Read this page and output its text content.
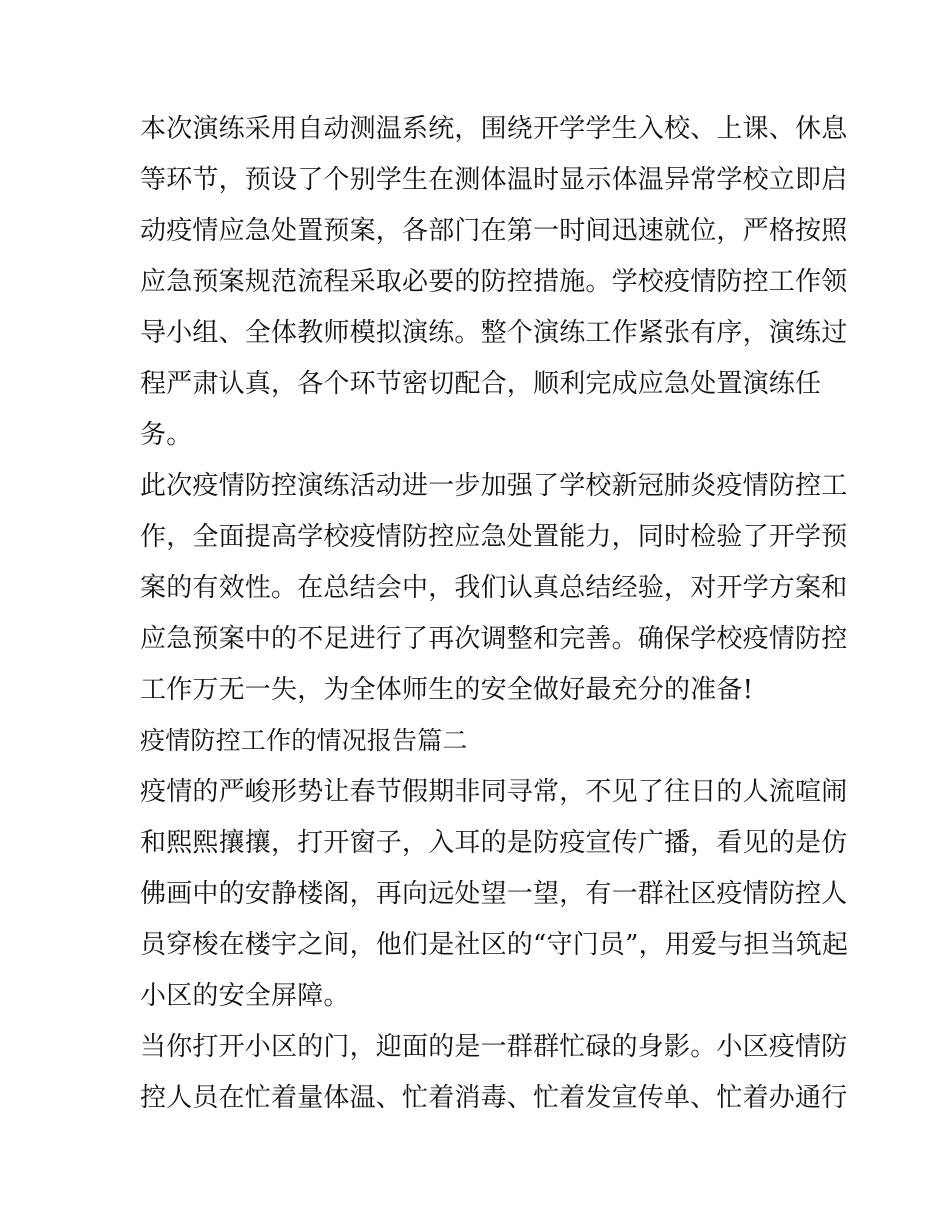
本次演练采用自动测温系统，围绕开学学生入校、上课、休息

等环节，预设了个别学生在测体温时显示体温异常学校立即启

动疫情应急处置预案，各部门在第一时间迅速就位，严格按照

应急预案规范流程采取必要的防控措施。学校疫情防控工作领

导小组、全体教师模拟演练。整个演练工作紧张有序，演练过

程严肃认真，各个环节密切配合，顺利完成应急处置演练任

务。

此次疫情防控演练活动进一步加强了学校新冠肺炎疫情防控工

作，全面提高学校疫情防控应急处置能力，同时检验了开学预

案的有效性。在总结会中，我们认真总结经验，对开学方案和

应急预案中的不足进行了再次调整和完善。确保学校疫情防控

工作万无一失，为全体师生的安全做好最充分的准备!

疫情防控工作的情况报告篇二

疫情的严峻形势让春节假期非同寻常，不见了往日的人流喧闹

和熙熙攘攘，打开窗子，入耳的是防疫宣传广播，看见的是仿

佛画中的安静楼阁，再向远处望一望，有一群社区疫情防控人

员穿梭在楼宇之间，他们是社区的“守门员”，用爱与担当筑起

小区的安全屏障。

当你打开小区的门，迎面的是一群群忙碌的身影。小区疫情防

控人员在忙着量体温、忙着消毒、忙着发宣传单、忙着办通行
